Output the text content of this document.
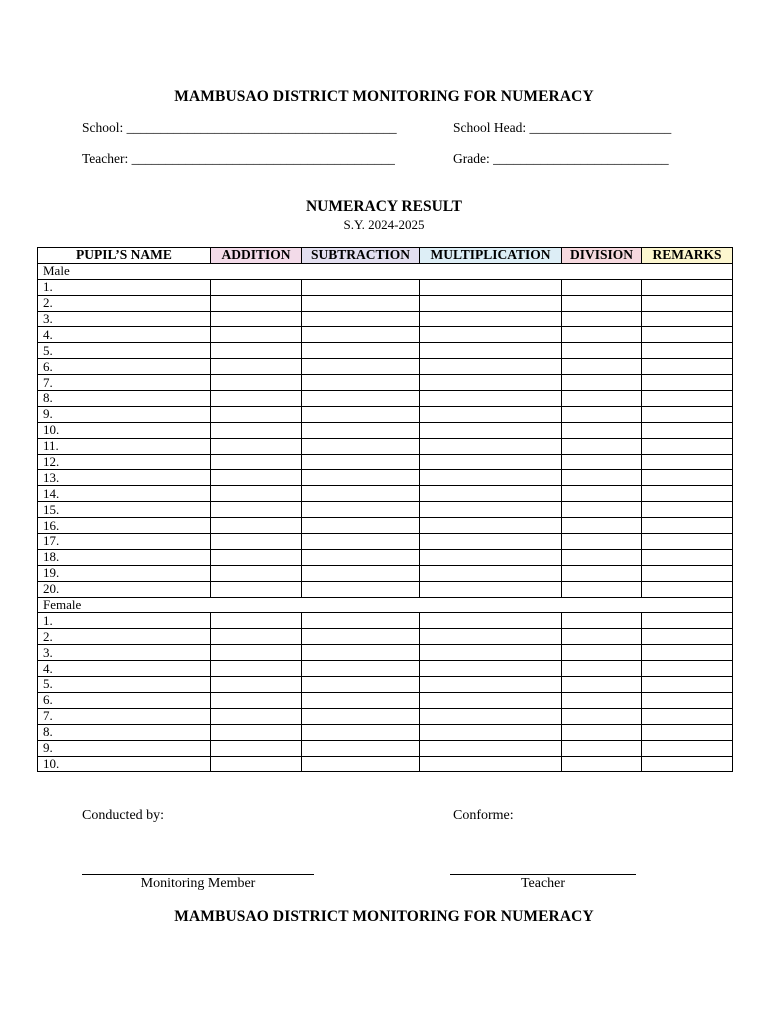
MAMBUSAO DISTRICT MONITORING FOR NUMERACY
School: ________________________________________	School Head: _____________________
Teacher: _______________________________________	Grade: __________________________
NUMERACY RESULT
S.Y. 2024-2025
PUPIL’S NAME	ADDITION	SUBTRACTION	MULTIPLICATION	DIVISION	REMARKS
Male					
1.					
2.					
3.					
4.					
5.					
6.					
7.					
8.					
9.					
10.					
11.					
12.					
13.					
14.					
15.					
16.					
17.					
18.					
19.					
20.					
Female					
1.					
2.					
3.					
4.					
5.					
6.					
7.					
8.					
9.					
10.					
Conducted by:	Conforme:
Monitoring Member	Teacher
MAMBUSAO DISTRICT MONITORING FOR NUMERACY
